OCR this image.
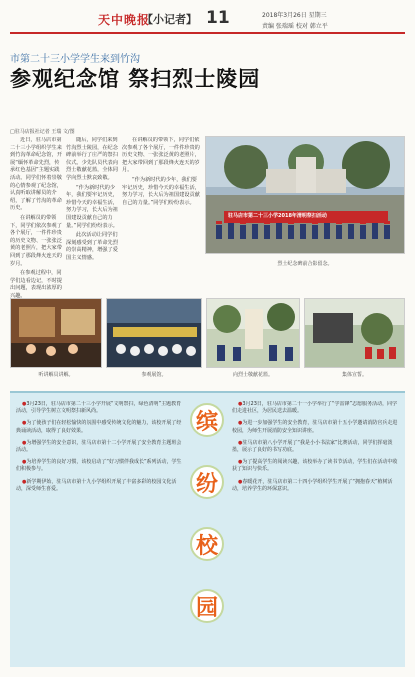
天中晚报
【小记者】 11	2018年3月26日 星期三
责编 张瑞瑶 校对 韩立平
市第二十三小学学生来到竹沟
参观纪念馆 祭扫烈士陵园
□驻马店报社记者 王瑞 文/图

近日，驻马店市第二十三小学组织学生来到竹沟革命纪念馆，开展“缅怀革命先烈，传承红色基因”主题实践活动。同学们怀着崇敬的心情参观了纪念馆，认真听取讲解员的介绍，了解了竹沟的革命历史。

在讲解员的带领下，同学们依次参观了各个展厅，一件件珍贵的历史文物、一张张泛黄的老照片，把大家带回到了那段烽火连天的岁月。

在参观过程中，同学们边看边记，不时提出问题，表现出浓厚的兴趣。

随后，同学们来到竹沟烈士陵园，在纪念碑前举行了庄严的祭扫仪式。少先队员代表向烈士敬献花篮，全体同学向烈士默哀致敬。

“作为新时代的少年，我们要牢记历史，珍惜今天的幸福生活，努力学习，长大后为祖国建设贡献自己的力量。”同学们纷纷表示。

此次活动让同学们深刻感受到了革命先烈的崇高精神，增强了爱国主义情感。

在讲解员的带领下，同学们依次参观了各个展厅，一件件珍贵的历史文物、一张张泛黄的老照片，把大家带回到了那段烽火连天的岁月。

“作为新时代的少年，我们要牢记历史，珍惜今天的幸福生活，努力学习，长大后为祖国建设贡献自己的力量。”同学们纷纷表示。

驻马店市第二十三小学2018年清明祭扫活动
烈士纪念碑前合影留念。
听讲解员讲解。	参观展馆。	向烈士敬献花篮。	集体宣誓。
●3月23日，驻马店市第二十三小学开展“文明祭扫，绿色清明”主题教育活动，引导学生树立文明祭扫新风尚。
●为了使孩子们在轻松愉快的氛围中感受传统文化的魅力，该校开展了经典诵读活动，取得了良好效果。
●为增强学生的安全意识，驻马店市第十二小学开展了安全教育主题班会活动。
●为培养学生的良好习惯，该校启动了“好习惯伴我成长”系列活动，学生们积极参与。
●新学期伊始，驻马店市第十九小学组织开展了丰富多彩的校园文化活动，深受师生喜爱。
缤
纷
校
园
●3月23日，驻马店市第二十一小学举行了“学雷锋”志愿服务活动，同学们走进社区，为居民送去温暖。
●为进一步加强学生的安全教育，驻马店市第十五小学邀请消防官兵走进校园，为师生开展消防安全知识讲座。
●驻马店市第八小学开展了“我是小小书法家”比赛活动，同学们挥毫泼墨，展示了良好的书写功底。
●为了提高学生的阅读兴趣，该校举办了读书节活动，学生们在活动中收获了知识与快乐。
●春暖花开，驻马店市第二十四小学组织学生开展了“拥抱春天”植树活动，培养学生的环保意识。
